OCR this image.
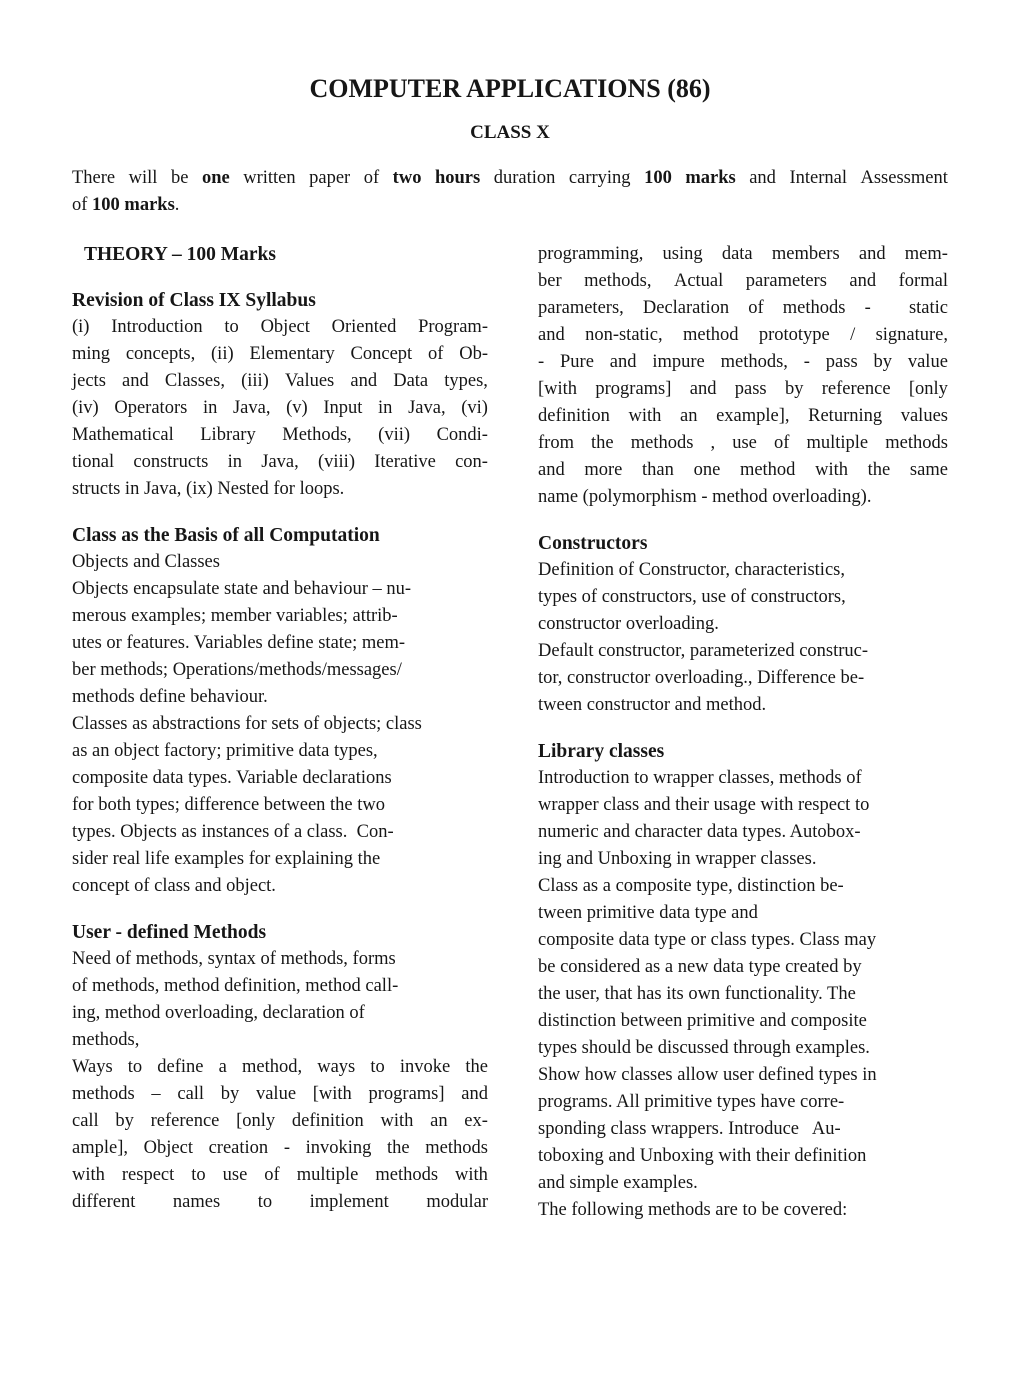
COMPUTER APPLICATIONS (86)
CLASS X
There will be one written paper of two hours duration carrying 100 marks and Internal Assessment
of 100 marks.
THEORY – 100 Marks
Revision of Class IX Syllabus
(i) Introduction to Object Oriented Program-
ming concepts, (ii) Elementary Concept of Ob-
jects and Classes, (iii) Values and Data types,
(iv) Operators in Java, (v) Input in Java, (vi)
Mathematical Library Methods, (vii) Condi-
tional constructs in Java, (viii) Iterative con-
structs in Java, (ix) Nested for loops.
Class as the Basis of all Computation
Objects and Classes
Objects encapsulate state and behaviour – nu-
merous examples; member variables; attrib-
utes or features. Variables define state; mem-
ber methods; Operations/methods/messages/
methods define behaviour.
Classes as abstractions for sets of objects; class
as an object factory; primitive data types,
composite data types. Variable declarations
for both types; difference between the two
types. Objects as instances of a class.  Con-
sider real life examples for explaining the
concept of class and object.
User - defined Methods
Need of methods, syntax of methods, forms
of methods, method definition, method call-
ing, method overloading, declaration of
methods,
Ways to define a method, ways to invoke the
methods – call by value [with programs] and
call by reference [only definition with an ex-
ample], Object creation - invoking the methods
with respect to use of multiple methods with
different names to implement modular
programming, using data members and mem-
ber methods, Actual parameters and formal
parameters, Declaration of methods - static
and non-static, method prototype / signature,
- Pure and impure methods, - pass by value
[with programs] and pass by reference [only
definition with an example], Returning values
from the methods , use of multiple methods
and more than one method with the same
name (polymorphism - method overloading).
Constructors
Definition of Constructor, characteristics,
types of constructors, use of constructors,
constructor overloading.
Default constructor, parameterized construc-
tor, constructor overloading., Difference be-
tween constructor and method.
Library classes
Introduction to wrapper classes, methods of
wrapper class and their usage with respect to
numeric and character data types. Autobox-
ing and Unboxing in wrapper classes.
Class as a composite type, distinction be-
tween primitive data type and
composite data type or class types. Class may
be considered as a new data type created by
the user, that has its own functionality. The
distinction between primitive and composite
types should be discussed through examples.
Show how classes allow user defined types in
programs. All primitive types have corre-
sponding class wrappers. Introduce   Au-
toboxing and Unboxing with their definition
and simple examples.
The following methods are to be covered:
